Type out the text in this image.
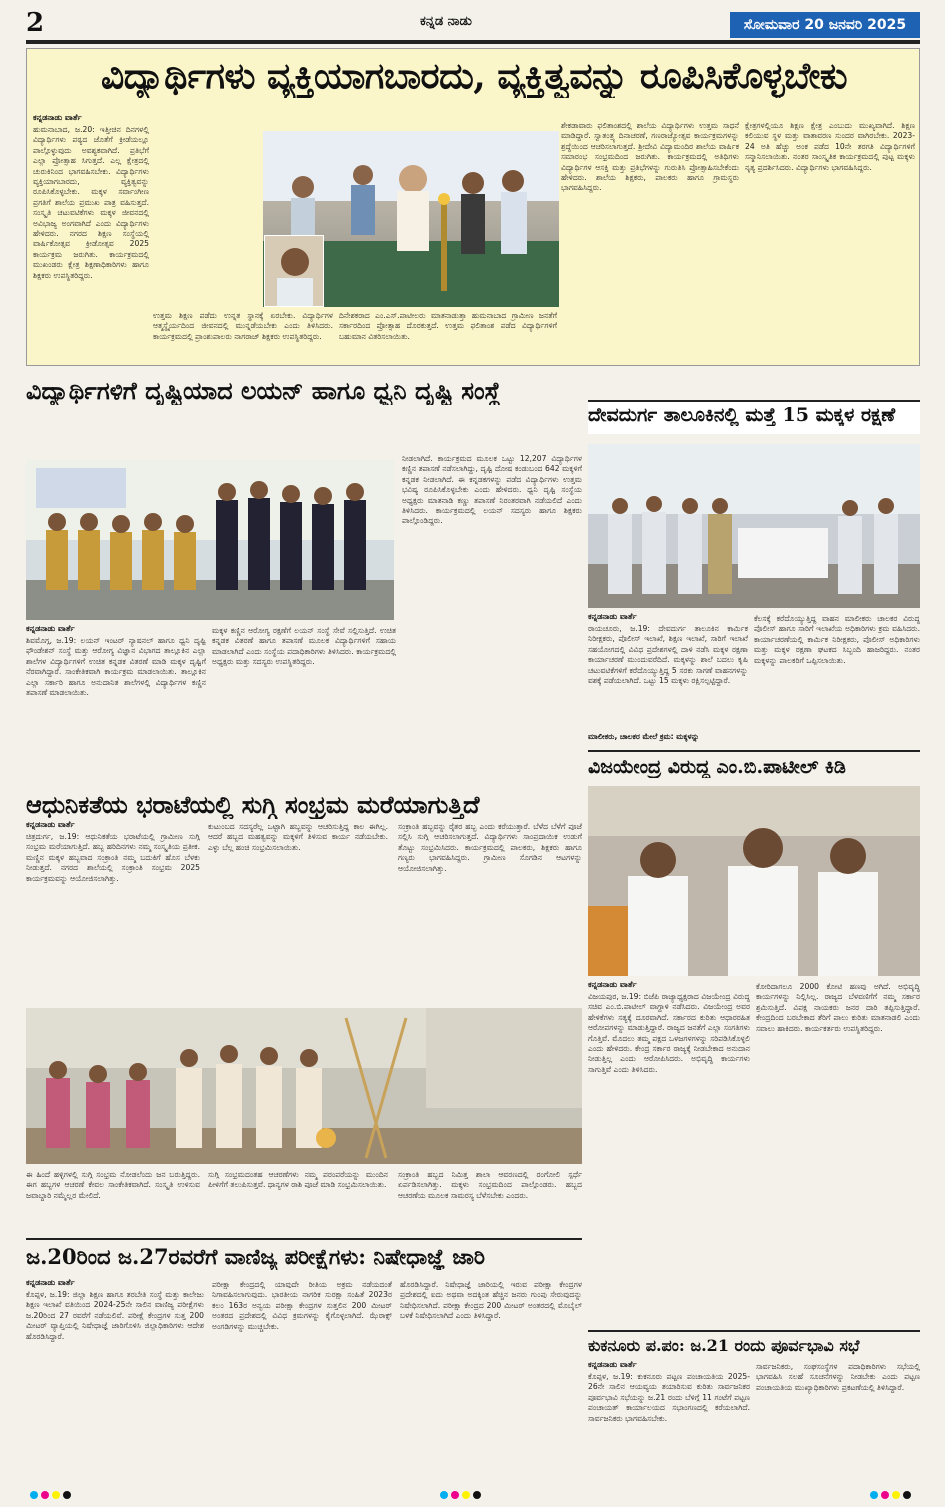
2	ಕನ್ನಡ ನಾಡು	ಸೋಮವಾರ 20 ಜನವರಿ 2025
ವಿದ್ಯಾರ್ಥಿಗಳು ವ್ಯಕ್ತಿಯಾಗಬಾರದು, ವ್ಯಕ್ತಿತ್ವವನ್ನು ರೂಪಿಸಿಕೊಳ್ಳಬೇಕು
ಕನ್ನಡನಾಡು ವಾರ್ತೆ
ಹುಮನಾಬಾದ, ಜ.20: ಇತ್ತೀಚಿನ ದಿನಗಳಲ್ಲಿ ವಿದ್ಯಾರ್ಥಿಗಳು ಪಠ್ಯದ ಜೊತೆಗೆ ಕ್ರೀಡೆಯಲ್ಲೂ ಪಾಲ್ಗೊಳ್ಳುವುದು ಅವಶ್ಯಕವಾಗಿದೆ. ಪ್ರತಿಭೆಗೆ ಎಲ್ಲಾ ಪ್ರೋತ್ಸಾಹ ಸಿಗುತ್ತದೆ. ಎಲ್ಲ ಕ್ಷೇತ್ರದಲ್ಲಿ ಚುರುಕಿನಿಂದ ಭಾಗವಹಿಸಬೇಕು. ವಿದ್ಯಾರ್ಥಿಗಳು ವ್ಯಕ್ತಿಯಾಗಬಾರದು, ವ್ಯಕ್ತಿತ್ವವನ್ನು ರೂಪಿಸಿಕೊಳ್ಳಬೇಕು. ಮಕ್ಕಳ ಸರ್ವಾಂಗೀಣ ಪ್ರಗತಿಗೆ ಶಾಲೆಯ ಪ್ರಮುಖ ಪಾತ್ರ ವಹಿಸುತ್ತದೆ. ಸಂಸ್ಕೃತಿ ಚಟುವಟಿಕೆಗಳು ಮಕ್ಕಳ ಜೀವನದಲ್ಲಿ ಅವಿಭಾಜ್ಯ ಅಂಗವಾಗಿದೆ ಎಂದು ವಿದ್ಯಾರ್ಥಿಗಳು ಹೇಳಿದರು. ನಗರದ ಶಿಕ್ಷಣ ಸಂಸ್ಥೆಯಲ್ಲಿ ವಾರ್ಷಿಕೋತ್ಸವ ಕ್ರೀಡೋತ್ಸವ 2025 ಕಾರ್ಯಕ್ರಮ ಜರುಗಿತು. ಕಾರ್ಯಕ್ರಮದಲ್ಲಿ ಮುಖಂಡರು ಕ್ಷೇತ್ರ ಶಿಕ್ಷಣಾಧಿಕಾರಿಗಳು ಹಾಗೂ ಶಿಕ್ಷಕರು ಉಪಸ್ಥಿತರಿದ್ದರು.
ಶೇಕಡಾವಾರು ಫಲಿತಾಂಶದಲ್ಲಿ ಶಾಲೆಯ ವಿದ್ಯಾರ್ಥಿಗಳು ಉತ್ತಮ ಸಾಧನೆ ಮಾಡಿದ್ದಾರೆ. ಸ್ವಾತಂತ್ರ್ಯ ದಿನಾಚರಣೆ, ಗಣರಾಜ್ಯೋತ್ಸವ ಕಾರ್ಯಕ್ರಮಗಳನ್ನು ಶ್ರದ್ಧೆಯಿಂದ ಆಚರಿಸಲಾಗುತ್ತದೆ. ಶ್ರೀದೇವಿ ವಿದ್ಯಾಮಂದಿರ ಶಾಲೆಯ ವಾರ್ಷಿಕ ಸಮಾರಂಭ ಸಂಭ್ರಮದಿಂದ ಜರುಗಿತು. ಕಾರ್ಯಕ್ರಮದಲ್ಲಿ ಅತಿಥಿಗಳು ವಿದ್ಯಾರ್ಥಿಗಳ ಆಸಕ್ತಿ ಮತ್ತು ಪ್ರತಿಭೆಗಳನ್ನು ಗುರುತಿಸಿ ಪ್ರೋತ್ಸಾಹಿಸಬೇಕೆಂದು ಹೇಳಿದರು. ಶಾಲೆಯ ಶಿಕ್ಷಕರು, ಪಾಲಕರು ಹಾಗೂ ಗ್ರಾಮಸ್ಥರು ಭಾಗವಹಿಸಿದ್ದರು.
ಕ್ಷೇತ್ರಗಳಲ್ಲಿಯೂ ಶಿಕ್ಷಣ ಕ್ಷೇತ್ರ ಎಂಬುದು ಮುಖ್ಯವಾಗಿದೆ. ಶಿಕ್ಷಣ ಕಲಿಯುವ ಸ್ಥಳ ಮತ್ತು ವಾತಾವರಣ ಸುಂದರ ವಾಗಿರಬೇಕು. 2023-24 ಅತಿ ಹೆಚ್ಚು ಅಂಕ ಪಡೆದ 10ನೇ ತರಗತಿ ವಿದ್ಯಾರ್ಥಿಗಳಿಗೆ ಸನ್ಮಾನಿಸಲಾಯಿತು. ನಂತರ ಸಾಂಸ್ಕೃತಿಕ ಕಾರ್ಯಕ್ರಮದಲ್ಲಿ ಪುಟ್ಟ ಮಕ್ಕಳು ನೃತ್ಯ ಪ್ರದರ್ಶಿಸಿದರು. ವಿದ್ಯಾರ್ಥಿಗಳು ಭಾಗವಹಿಸಿದ್ದರು.
ಉತ್ತಮ ಶಿಕ್ಷಣ ಪಡೆದು ಉನ್ನತ ಸ್ಥಾನಕ್ಕೆ ಏರಬೇಕು. ವಿದ್ಯಾರ್ಥಿಗಳ ಆತ್ಮಸ್ಥೈರ್ಯದಿಂದ ಜೀವನದಲ್ಲಿ ಮುನ್ನಡೆಯಬೇಕು ಎಂದು ತಿಳಿಸಿದರು. ಕಾರ್ಯಕ್ರಮದಲ್ಲಿ ಪ್ರಾಂಶುಪಾಲರು ನಾಗರಾಜ್ ಶಿಕ್ಷಕರು ಉಪಸ್ಥಿತರಿದ್ದರು.
ದಿನೇಶಕರಾದ ಎಂ.ಎಸ್.ಪಾಟೀಲರು ಮಾತನಾಡುತ್ತಾ ಹುಮನಾಬಾದ ಗ್ರಾಮೀಣ ಜನತೆಗೆ ಸರ್ಕಾರದಿಂದ ಪ್ರೋತ್ಸಾಹ ದೊರಕುತ್ತದೆ. ಉತ್ತಮ ಫಲಿತಾಂಶ ಪಡೆದ ವಿದ್ಯಾರ್ಥಿಗಳಿಗೆ ಬಹುಮಾನ ವಿತರಿಸಲಾಯಿತು.
ವಿದ್ಯಾರ್ಥಿಗಳಿಗೆ ದೃಷ್ಟಿಯಾದ ಲಯನ್ ಹಾಗೂ ಧ್ವನಿ ದೃಷ್ಟಿ ಸಂಸ್ಥೆ
ಕನ್ನಡನಾಡು ವಾರ್ತೆ
ಶಿವಮೊಗ್ಗ, ಜ.19: ಲಯನ್ ಇಂಟರ್ ನ್ಯಾಷನಲ್ ಹಾಗೂ ಧ್ವನಿ ದೃಷ್ಟಿ ಫೌಂಡೇಶನ್ ಸಂಸ್ಥೆ ಮತ್ತು ಆರೋಗ್ಯ ವಿಜ್ಞಾನ ವಿಭಾಗದ ತಾಲ್ಲೂಕಿನ ಎಲ್ಲಾ ಶಾಲೆಗಳ ವಿದ್ಯಾರ್ಥಿಗಳಿಗೆ ಉಚಿತ ಕನ್ನಡಕ ವಿತರಣೆ ಮಾಡಿ ಮಕ್ಕಳ ದೃಷ್ಟಿಗೆ ನೆರವಾಗಿದ್ದಾರೆ. ಸಾಂಕೇತಿಕವಾಗಿ ಕಾರ್ಯಕ್ರಮ ಮಾಡಲಾಯಿತು. ತಾಲ್ಲೂಕಿನ ಎಲ್ಲಾ ಸರ್ಕಾರಿ ಹಾಗೂ ಅನುದಾನಿತ ಶಾಲೆಗಳಲ್ಲಿ ವಿದ್ಯಾರ್ಥಿಗಳ ಕಣ್ಣಿನ ತಪಾಸಣೆ ಮಾಡಲಾಯಿತು.
ಮಕ್ಕಳ ಕಣ್ಣಿನ ಆರೋಗ್ಯ ರಕ್ಷಣೆಗೆ ಲಯನ್ ಸಂಸ್ಥೆ ಸೇವೆ ಸಲ್ಲಿಸುತ್ತಿದೆ. ಉಚಿತ ಕನ್ನಡಕ ವಿತರಣೆ ಹಾಗೂ ತಪಾಸಣೆ ಮೂಲಕ ವಿದ್ಯಾರ್ಥಿಗಳಿಗೆ ಸಹಾಯ ಮಾಡಲಾಗಿದೆ ಎಂದು ಸಂಸ್ಥೆಯ ಪದಾಧಿಕಾರಿಗಳು ತಿಳಿಸಿದರು. ಕಾರ್ಯಕ್ರಮದಲ್ಲಿ ಅಧ್ಯಕ್ಷರು ಮತ್ತು ಸದಸ್ಯರು ಉಪಸ್ಥಿತರಿದ್ದರು.
ನೀಡಲಾಗಿದೆ. ಕಾರ್ಯಕ್ರಮದ ಮೂಲಕ ಒಟ್ಟು 12,207 ವಿದ್ಯಾರ್ಥಿಗಳ ಕಣ್ಣಿನ ತಪಾಸಣೆ ನಡೆಸಲಾಗಿದ್ದು, ದೃಷ್ಟಿ ದೋಷ ಕಂಡುಬಂದ 642 ಮಕ್ಕಳಿಗೆ ಕನ್ನಡಕ ನೀಡಲಾಗಿದೆ. ಈ ಕನ್ನಡಕಗಳನ್ನು ಪಡೆದ ವಿದ್ಯಾರ್ಥಿಗಳು ಉತ್ತಮ ಭವಿಷ್ಯ ರೂಪಿಸಿಕೊಳ್ಳಬೇಕು ಎಂದು ಹೇಳಿದರು. ಧ್ವನಿ ದೃಷ್ಟಿ ಸಂಸ್ಥೆಯ ಅಧ್ಯಕ್ಷರು ಮಾತನಾಡಿ ಕಣ್ಣು ತಪಾಸಣೆ ನಿರಂತರವಾಗಿ ನಡೆಯಲಿದೆ ಎಂದು ತಿಳಿಸಿದರು. ಕಾರ್ಯಕ್ರಮದಲ್ಲಿ ಲಯನ್ ಸದಸ್ಯರು ಹಾಗೂ ಶಿಕ್ಷಕರು ಪಾಲ್ಗೊಂಡಿದ್ದರು.
ದೇವದುರ್ಗ ತಾಲೂಕಿನಲ್ಲಿ ಮತ್ತೆ 15 ಮಕ್ಕಳ ರಕ್ಷಣೆ
ಕನ್ನಡನಾಡು ವಾರ್ತೆ
ರಾಯಚೂರು, ಜ.19: ದೇವದುರ್ಗ ತಾಲೂಕಿನ ಕಾರ್ಮಿಕ ನಿರೀಕ್ಷಕರು, ಪೊಲೀಸ್ ಇಲಾಖೆ, ಶಿಕ್ಷಣ ಇಲಾಖೆ, ಸಾರಿಗೆ ಇಲಾಖೆ ಸಹಯೋಗದಲ್ಲಿ ವಿವಿಧ ಪ್ರದೇಶಗಳಲ್ಲಿ ದಾಳಿ ನಡೆಸಿ ಮಕ್ಕಳ ರಕ್ಷಣಾ ಕಾರ್ಯಾಚರಣೆ ಮುಂದುವರೆದಿದೆ. ಮಕ್ಕಳನ್ನು ಶಾಲೆ ಬದಲು ಕೃಷಿ ಚಟುವಟಿಕೆಗಳಿಗೆ ಕರೆದೊಯ್ಯುತ್ತಿದ್ದ 5 ಸರಕು ಸಾಗಣೆ ವಾಹನಗಳನ್ನು ವಶಕ್ಕೆ ಪಡೆಯಲಾಗಿದೆ. ಒಟ್ಟು 15 ಮಕ್ಕಳು ರಕ್ಷಿಸಲ್ಪಟ್ಟಿದ್ದಾರೆ.
ಕೆಲಸಕ್ಕೆ ಕರೆದೊಯ್ಯುತ್ತಿದ್ದ ವಾಹನ ಮಾಲೀಕರು ಚಾಲಕರ ವಿರುದ್ಧ ಪೊಲೀಸ್ ಹಾಗೂ ಸಾರಿಗೆ ಇಲಾಖೆಯ ಅಧಿಕಾರಿಗಳು ಕ್ರಮ ವಹಿಸಿದರು. ಕಾರ್ಯಾಚರಣೆಯಲ್ಲಿ ಕಾರ್ಮಿಕ ನಿರೀಕ್ಷಕರು, ಪೊಲೀಸ್ ಅಧಿಕಾರಿಗಳು ಮತ್ತು ಮಕ್ಕಳ ರಕ್ಷಣಾ ಘಟಕದ ಸಿಬ್ಬಂದಿ ಹಾಜರಿದ್ದರು. ನಂತರ ಮಕ್ಕಳನ್ನು ಪಾಲಕರಿಗೆ ಒಪ್ಪಿಸಲಾಯಿತು.
ಮಾಲೀಕರು, ಚಾಲಕರ ಮೇಲೆ ಕ್ರಮ: ಮಕ್ಕಳನ್ನು
ಆಧುನಿಕತೆಯ ಭರಾಟೆಯಲ್ಲಿ ಸುಗ್ಗಿ ಸಂಭ್ರಮ ಮರೆಯಾಗುತ್ತಿದೆ
ಕನ್ನಡನಾಡು ವಾರ್ತೆ
ಚಿತ್ರದುರ್ಗ, ಜ.19: ಆಧುನಿಕತೆಯ ಭರಾಟೆಯಲ್ಲಿ ಗ್ರಾಮೀಣ ಸುಗ್ಗಿ ಸಂಭ್ರಮ ಮರೆಯಾಗುತ್ತಿದೆ. ಹಬ್ಬ ಹರಿದಿನಗಳು ನಮ್ಮ ಸಂಸ್ಕೃತಿಯ ಪ್ರತೀಕ. ಮಣ್ಣಿನ ಮಕ್ಕಳ ಹಬ್ಬವಾದ ಸಂಕ್ರಾಂತಿ ನಮ್ಮ ಬದುಕಿಗೆ ಹೊಸ ಬೆಳಕು ನೀಡುತ್ತದೆ. ನಗರದ ಶಾಲೆಯಲ್ಲಿ ಸಂಕ್ರಾಂತಿ ಸಂಭ್ರಮ 2025 ಕಾರ್ಯಕ್ರಮವನ್ನು ಆಯೋಜಿಸಲಾಗಿತ್ತು.
ಕುಟುಂಬದ ಸದಸ್ಯರೆಲ್ಲ ಒಟ್ಟಾಗಿ ಹಬ್ಬವನ್ನು ಆಚರಿಸುತ್ತಿದ್ದ ಕಾಲ ಈಗಿಲ್ಲ. ಆದರೆ ಹಬ್ಬದ ಮಹತ್ವವನ್ನು ಮಕ್ಕಳಿಗೆ ತಿಳಿಸುವ ಕಾರ್ಯ ನಡೆಯಬೇಕು. ಎಳ್ಳು ಬೆಲ್ಲ ಹಂಚಿ ಸಂಭ್ರಮಿಸಲಾಯಿತು.
ಸಂಕ್ರಾಂತಿ ಹಬ್ಬವನ್ನು ರೈತರ ಹಬ್ಬ ಎಂದು ಕರೆಯುತ್ತಾರೆ. ಬೆಳೆದ ಬೆಳೆಗೆ ಪೂಜೆ ಸಲ್ಲಿಸಿ ಸುಗ್ಗಿ ಆಚರಿಸಲಾಗುತ್ತದೆ. ವಿದ್ಯಾರ್ಥಿಗಳು ಸಾಂಪ್ರದಾಯಿಕ ಉಡುಗೆ ತೊಟ್ಟು ಸಂಭ್ರಮಿಸಿದರು. ಕಾರ್ಯಕ್ರಮದಲ್ಲಿ ಪಾಲಕರು, ಶಿಕ್ಷಕರು ಹಾಗೂ ಗಣ್ಯರು ಭಾಗವಹಿಸಿದ್ದರು. ಗ್ರಾಮೀಣ ಸೊಗಡಿನ ಆಟಗಳನ್ನು ಆಯೋಜಿಸಲಾಗಿತ್ತು.
ಈ ಹಿಂದೆ ಹಳ್ಳಿಗಳಲ್ಲಿ ಸುಗ್ಗಿ ಸಂಭ್ರಮ ನೋಡಲೆಂದು ಜನ ಬರುತ್ತಿದ್ದರು. ಈಗ ಹಬ್ಬಗಳ ಆಚರಣೆ ಕೇವಲ ಸಾಂಕೇತಿಕವಾಗಿದೆ. ಸಂಸ್ಕೃತಿ ಉಳಿಸುವ ಜವಾಬ್ದಾರಿ ನಮ್ಮೆಲ್ಲರ ಮೇಲಿದೆ.
ಸುಗ್ಗಿ ಸಂಭ್ರಮದಂತಹ ಆಚರಣೆಗಳು ನಮ್ಮ ಪರಂಪರೆಯನ್ನು ಮುಂದಿನ ಪೀಳಿಗೆಗೆ ತಲುಪಿಸುತ್ತವೆ. ಧಾನ್ಯಗಳ ರಾಶಿ ಪೂಜೆ ಮಾಡಿ ಸಂಭ್ರಮಿಸಲಾಯಿತು.
ಸಂಕ್ರಾಂತಿ ಹಬ್ಬದ ನಿಮಿತ್ತ ಶಾಲಾ ಆವರಣದಲ್ಲಿ ರಂಗೋಲಿ ಸ್ಪರ್ಧೆ ಏರ್ಪಡಿಸಲಾಗಿತ್ತು. ಮಕ್ಕಳು ಸಂಭ್ರಮದಿಂದ ಪಾಲ್ಗೊಂಡರು. ಹಬ್ಬದ ಆಚರಣೆಯ ಮೂಲಕ ಸಾಮರಸ್ಯ ಬೆಳೆಸಬೇಕು ಎಂದರು.
ವಿಜಯೇಂದ್ರ ವಿರುದ್ಧ ಎಂ.ಬಿ.ಪಾಟೀಲ್ ಕಿಡಿ
ಕನ್ನಡನಾಡು ವಾರ್ತೆ
ವಿಜಯಪುರ, ಜ.19: ಬಿಜೆಪಿ ರಾಜ್ಯಾಧ್ಯಕ್ಷರಾದ ವಿಜಯೇಂದ್ರ ವಿರುದ್ಧ ಸಚಿವ ಎಂ.ಬಿ.ಪಾಟೀಲ್ ವಾಗ್ದಾಳಿ ನಡೆಸಿದರು. ವಿಜಯೇಂದ್ರ ಅವರ ಹೇಳಿಕೆಗಳು ಸತ್ಯಕ್ಕೆ ದೂರವಾಗಿದೆ. ಸರ್ಕಾರದ ಕುರಿತು ಆಧಾರರಹಿತ ಆರೋಪಗಳನ್ನು ಮಾಡುತ್ತಿದ್ದಾರೆ. ರಾಜ್ಯದ ಜನತೆಗೆ ಎಲ್ಲಾ ಸಂಗತಿಗಳು ಗೊತ್ತಿವೆ. ಮೊದಲು ತಮ್ಮ ಪಕ್ಷದ ಒಳಜಗಳಗಳನ್ನು ಸರಿಪಡಿಸಿಕೊಳ್ಳಲಿ ಎಂದು ಹೇಳಿದರು. ಕೇಂದ್ರ ಸರ್ಕಾರ ರಾಜ್ಯಕ್ಕೆ ನೀಡಬೇಕಾದ ಅನುದಾನ ನೀಡುತ್ತಿಲ್ಲ ಎಂದು ಆರೋಪಿಸಿದರು. ಅಭಿವೃದ್ಧಿ ಕಾರ್ಯಗಳು ಸಾಗುತ್ತಿವೆ ಎಂದು ತಿಳಿಸಿದರು.
ಕೋರಿದಾಗಲೂ 2000 ಕೋಟಿ ಹಣವು ಅಗಿದೆ. ಅಭಿವೃದ್ಧಿ ಕಾರ್ಯಗಳನ್ನು ನಿಲ್ಲಿಸಿಲ್ಲ. ರಾಜ್ಯದ ಬೆಳವಣಿಗೆಗೆ ನಮ್ಮ ಸರ್ಕಾರ ಶ್ರಮಿಸುತ್ತಿದೆ. ವಿಪಕ್ಷ ನಾಯಕರು ಜನರ ದಾರಿ ತಪ್ಪಿಸುತ್ತಿದ್ದಾರೆ. ಕೇಂದ್ರದಿಂದ ಬರಬೇಕಾದ ತೆರಿಗೆ ಪಾಲು ಕುರಿತು ಮಾತನಾಡಲಿ ಎಂದು ಸವಾಲು ಹಾಕಿದರು. ಕಾರ್ಯಕರ್ತರು ಉಪಸ್ಥಿತರಿದ್ದರು.
ಜ.20ರಿಂದ ಜ.27ರವರೆಗೆ ವಾಣಿಜ್ಯ ಪರೀಕ್ಷೆಗಳು: ನಿಷೇಧಾಜ್ಞೆ ಜಾರಿ
ಕನ್ನಡನಾಡು ವಾರ್ತೆ
ಕೊಪ್ಪಳ, ಜ.19: ಜಿಲ್ಲಾ ಶಿಕ್ಷಣ ಹಾಗೂ ತರಬೇತಿ ಸಂಸ್ಥೆ ಮತ್ತು ಕಾಲೇಜು ಶಿಕ್ಷಣ ಇಲಾಖೆ ವತಿಯಿಂದ 2024-25ನೇ ಸಾಲಿನ ವಾಣಿಜ್ಯ ಪರೀಕ್ಷೆಗಳು ಜ.20ರಿಂದ 27 ರವರೆಗೆ ನಡೆಯಲಿವೆ. ಪರೀಕ್ಷೆ ಕೇಂದ್ರಗಳ ಸುತ್ತ 200 ಮೀಟರ್ ವ್ಯಾಪ್ತಿಯಲ್ಲಿ ನಿಷೇಧಾಜ್ಞೆ ಜಾರಿಗೊಳಿಸಿ ಜಿಲ್ಲಾಧಿಕಾರಿಗಳು ಆದೇಶ ಹೊರಡಿಸಿದ್ದಾರೆ.
ಪರೀಕ್ಷಾ ಕೇಂದ್ರದಲ್ಲಿ ಯಾವುದೇ ರೀತಿಯ ಅಕ್ರಮ ನಡೆಯದಂತೆ ನಿಗಾವಹಿಸಲಾಗುವುದು. ಭಾರತೀಯ ನಾಗರಿಕ ಸುರಕ್ಷಾ ಸಂಹಿತೆ 2023ರ ಕಲಂ 163ರ ಅನ್ವಯ ಪರೀಕ್ಷಾ ಕೇಂದ್ರಗಳ ಸುತ್ತಲಿನ 200 ಮೀಟರ್ ಅಂತರದ ಪ್ರದೇಶದಲ್ಲಿ ವಿವಿಧ ಕ್ರಮಗಳನ್ನು ಕೈಗೊಳ್ಳಲಾಗಿದೆ. ಝೆರಾಕ್ಸ್ ಅಂಗಡಿಗಳನ್ನು ಮುಚ್ಚಬೇಕು.
ಹೊರಡಿಸಿದ್ದಾರೆ. ನಿಷೇಧಾಜ್ಞೆ ಜಾರಿಯಲ್ಲಿ ಇರುವ ಪರೀಕ್ಷಾ ಕೇಂದ್ರಗಳ ಪ್ರದೇಶದಲ್ಲಿ ಐದು ಅಥವಾ ಅದಕ್ಕಿಂತ ಹೆಚ್ಚಿನ ಜನರು ಗುಂಪು ಸೇರುವುದನ್ನು ನಿಷೇಧಿಸಲಾಗಿದೆ. ಪರೀಕ್ಷಾ ಕೇಂದ್ರದ 200 ಮೀಟರ್ ಅಂತರದಲ್ಲಿ ಮೊಬೈಲ್ ಬಳಕೆ ನಿಷೇಧಿಸಲಾಗಿದೆ ಎಂದು ತಿಳಿಸಿದ್ದಾರೆ.
ಕುಕನೂರು ಪ.ಪಂ: ಜ.21 ರಂದು ಪೂರ್ವಭಾವಿ ಸಭೆ
ಕನ್ನಡನಾಡು ವಾರ್ತೆ
ಕೊಪ್ಪಳ, ಜ.19: ಕುಕನೂರು ಪಟ್ಟಣ ಪಂಚಾಯತಿಯ 2025-26ನೇ ಸಾಲಿನ ಆಯವ್ಯಯ ತಯಾರಿಸುವ ಕುರಿತು ಸಾರ್ವಜನಿಕರ ಪೂರ್ವಭಾವಿ ಸಭೆಯನ್ನು ಜ.21 ರಂದು ಬೆಳಿಗ್ಗೆ 11 ಗಂಟೆಗೆ ಪಟ್ಟಣ ಪಂಚಾಯತ್ ಕಾರ್ಯಾಲಯದ ಸಭಾಂಗಣದಲ್ಲಿ ಕರೆಯಲಾಗಿದೆ. ಸಾರ್ವಜನಿಕರು ಭಾಗವಹಿಸಬೇಕು.
ಸಾರ್ವಜನಿಕರು, ಸಂಘಸಂಸ್ಥೆಗಳ ಪದಾಧಿಕಾರಿಗಳು ಸಭೆಯಲ್ಲಿ ಭಾಗವಹಿಸಿ ಸಲಹೆ ಸೂಚನೆಗಳನ್ನು ನೀಡಬೇಕು ಎಂದು ಪಟ್ಟಣ ಪಂಚಾಯತಿಯ ಮುಖ್ಯಾಧಿಕಾರಿಗಳು ಪ್ರಕಟಣೆಯಲ್ಲಿ ತಿಳಿಸಿದ್ದಾರೆ.
